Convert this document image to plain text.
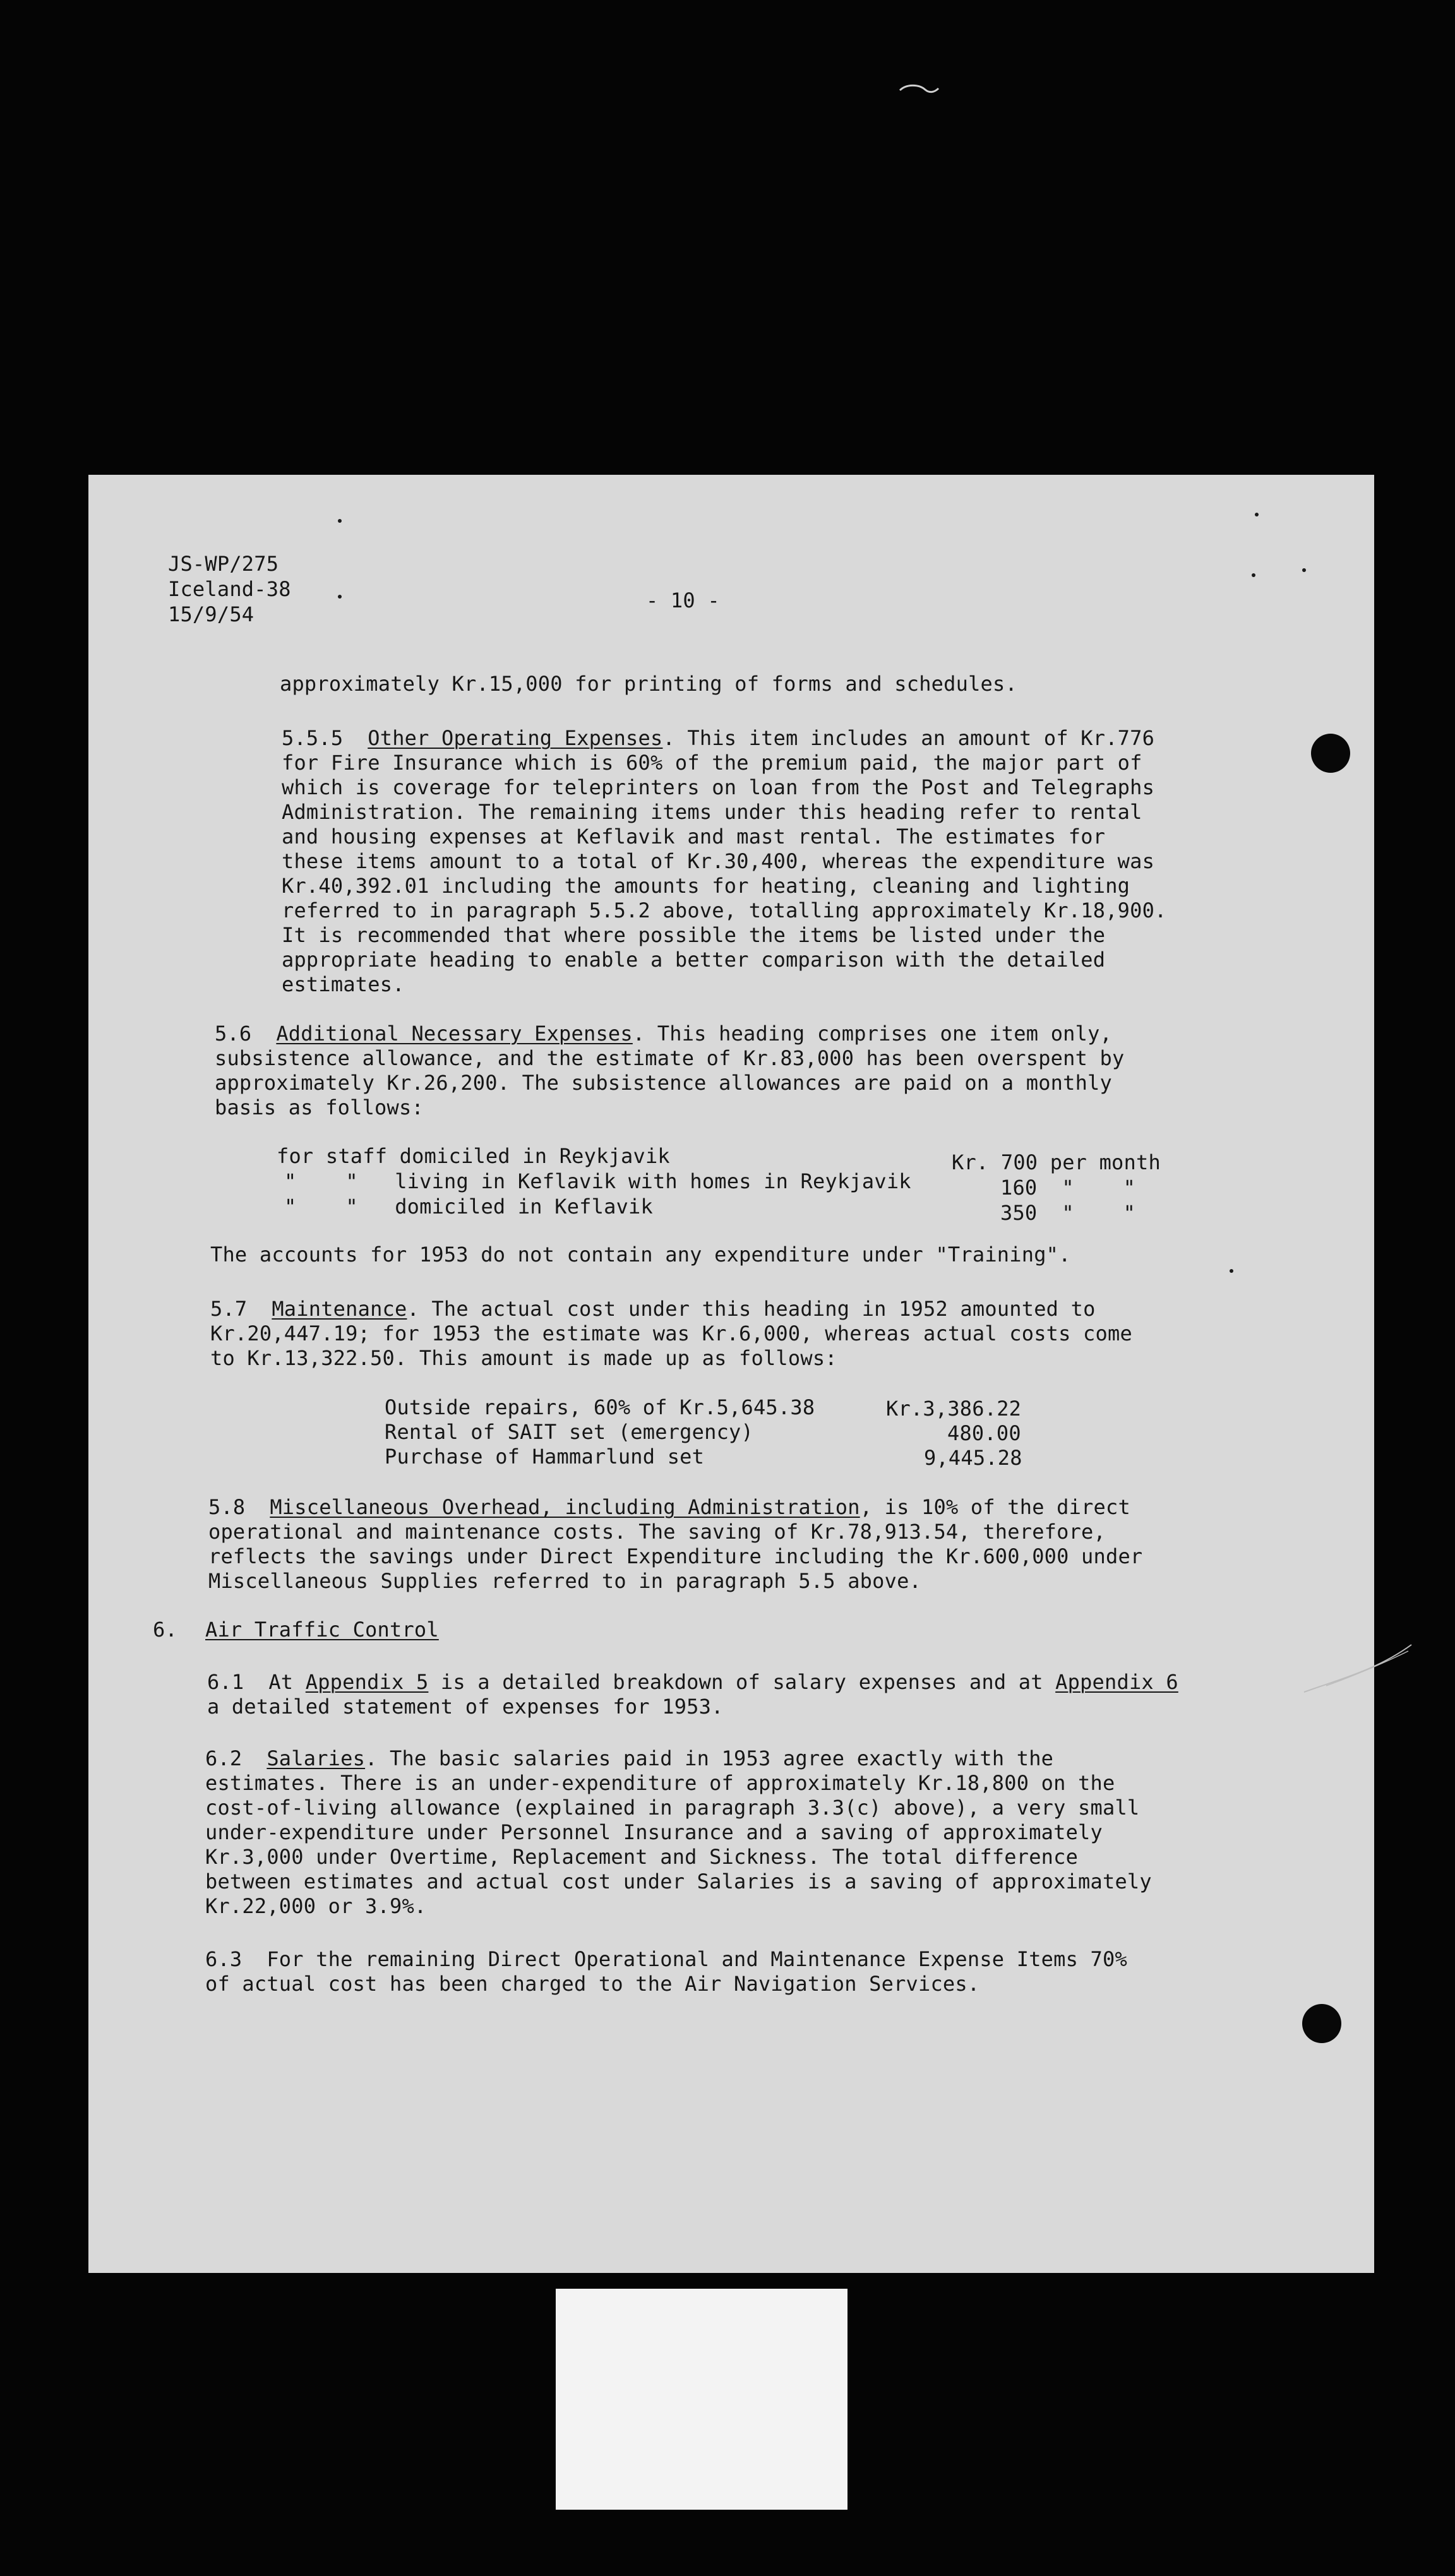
JS-WP/275
Iceland-38
15/9/54
- 10 -
approximately Kr.15,000 for printing of forms and schedules.
5.5.5 Other Operating Expenses. This item includes an amount of Kr.776
for Fire Insurance which is 60% of the premium paid, the major part of
which is coverage for teleprinters on loan from the Post and Telegraphs
Administration. The remaining items under this heading refer to rental
and housing expenses at Keflavik and mast rental. The estimates for
these items amount to a total of Kr.30,400, whereas the expenditure was
Kr.40,392.01 including the amounts for heating, cleaning and lighting
referred to in paragraph 5.5.2 above, totalling approximately Kr.18,900.
It is recommended that where possible the items be listed under the
appropriate heading to enable a better comparison with the detailed
estimates.
5.6 Additional Necessary Expenses. This heading comprises one item only,
subsistence allowance, and the estimate of Kr.83,000 has been overspent by
approximately Kr.26,200. The subsistence allowances are paid on a monthly
basis as follows:
for staff domiciled in Reykjavik	Kr. 700 per month
"    "   living in Keflavik with homes in Reykjavik	160  "    "
"    "   domiciled in Keflavik	350  "    "
The accounts for 1953 do not contain any expenditure under "Training".
5.7 Maintenance. The actual cost under this heading in 1952 amounted to
Kr.20,447.19; for 1953 the estimate was Kr.6,000, whereas actual costs come
to Kr.13,322.50. This amount is made up as follows:
Outside repairs, 60% of Kr.5,645.38	Kr.3,386.22
Rental of SAIT set (emergency)	480.00
Purchase of Hammarlund set	9,445.28
5.8 Miscellaneous Overhead, including Administration, is 10% of the direct
operational and maintenance costs. The saving of Kr.78,913.54, therefore,
reflects the savings under Direct Expenditure including the Kr.600,000 under
Miscellaneous Supplies referred to in paragraph 5.5 above.
6. Air Traffic Control
6.1 At Appendix 5 is a detailed breakdown of salary expenses and at Appendix 6
a detailed statement of expenses for 1953.
6.2 Salaries. The basic salaries paid in 1953 agree exactly with the
estimates. There is an under-expenditure of approximately Kr.18,800 on the
cost-of-living allowance (explained in paragraph 3.3(c) above), a very small
under-expenditure under Personnel Insurance and a saving of approximately
Kr.3,000 under Overtime, Replacement and Sickness. The total difference
between estimates and actual cost under Salaries is a saving of approximately
Kr.22,000 or 3.9%.
6.3  For the remaining Direct Operational and Maintenance Expense Items 70%
of actual cost has been charged to the Air Navigation Services.
